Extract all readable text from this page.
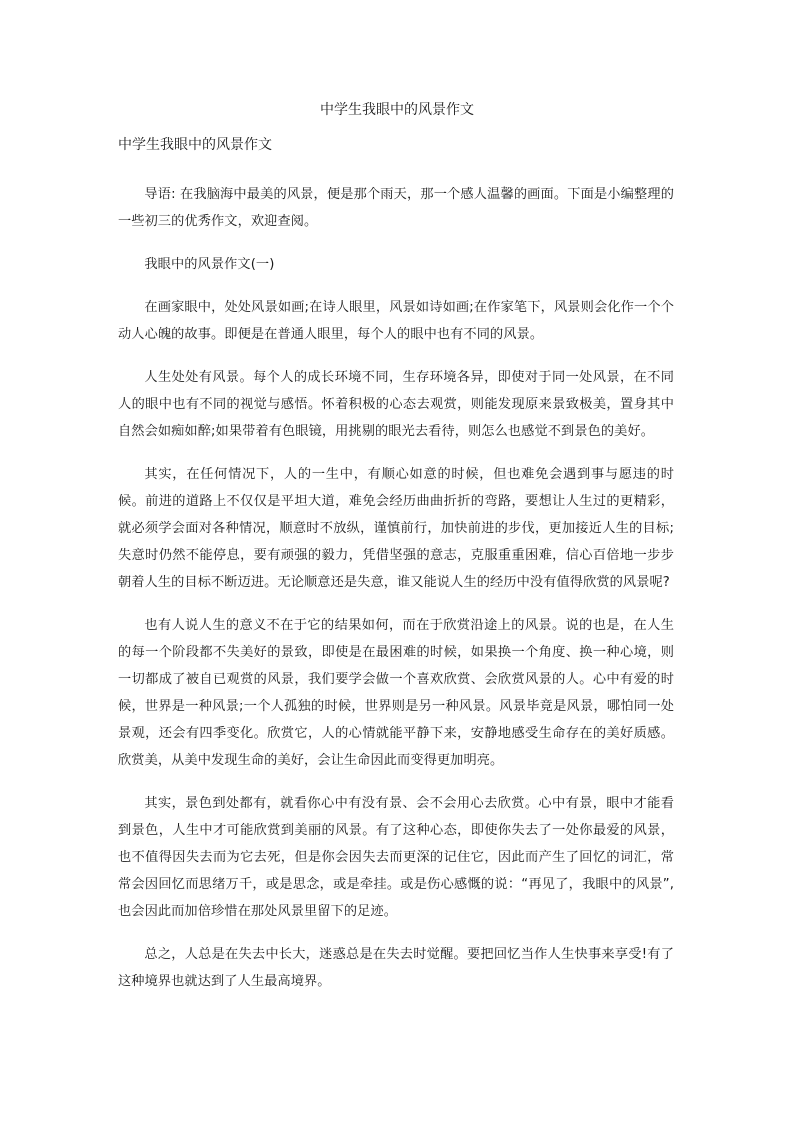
中学生我眼中的风景作文
中学生我眼中的风景作文

导语: 在我脑海中最美的风景，便是那个雨天，那一个感人温馨的画面。下面是小编整理的一些初三的优秀作文，欢迎查阅。

我眼中的风景作文(一)

在画家眼中，处处风景如画;在诗人眼里，风景如诗如画;在作家笔下，风景则会化作一个个动人心魄的故事。即便是在普通人眼里，每个人的眼中也有不同的风景。

人生处处有风景。每个人的成长环境不同，生存环境各异，即使对于同一处风景，在不同人的眼中也有不同的视觉与感悟。怀着积极的心态去观赏，则能发现原来景致极美，置身其中自然会如痴如醉;如果带着有色眼镜，用挑剔的眼光去看待，则怎么也感觉不到景色的美好。

其实，在任何情况下，人的一生中，有顺心如意的时候，但也难免会遇到事与愿违的时候。前进的道路上不仅仅是平坦大道，难免会经历曲曲折折的弯路，要想让人生过的更精彩，就必须学会面对各种情况，顺意时不放纵，谨慎前行，加快前进的步伐，更加接近人生的目标;失意时仍然不能停息，要有顽强的毅力，凭借坚强的意志，克服重重困难，信心百倍地一步步朝着人生的目标不断迈进。无论顺意还是失意，谁又能说人生的经历中没有值得欣赏的风景呢?

也有人说人生的意义不在于它的结果如何，而在于欣赏沿途上的风景。说的也是，在人生的每一个阶段都不失美好的景致，即使是在最困难的时候，如果换一个角度、换一种心境，则一切都成了被自已观赏的风景，我们要学会做一个喜欢欣赏、会欣赏风景的人。心中有爱的时候，世界是一种风景;一个人孤独的时候，世界则是另一种风景。风景毕竟是风景，哪怕同一处景观，还会有四季变化。欣赏它，人的心情就能平静下来，安静地感受生命存在的美好质感。欣赏美，从美中发现生命的美好，会让生命因此而变得更加明亮。

其实，景色到处都有，就看你心中有没有景、会不会用心去欣赏。心中有景，眼中才能看到景色，人生中才可能欣赏到美丽的风景。有了这种心态，即使你失去了一处你最爱的风景，也不值得因失去而为它去死，但是你会因失去而更深的记住它，因此而产生了回忆的词汇，常常会因回忆而思绪万千，或是思念，或是牵挂。或是伤心感慨的说：“再见了，我眼中的风景”,也会因此而加倍珍惜在那处风景里留下的足迹。

总之，人总是在失去中长大，迷惑总是在失去时觉醒。要把回忆当作人生快事来享受!有了这种境界也就达到了人生最高境界。
